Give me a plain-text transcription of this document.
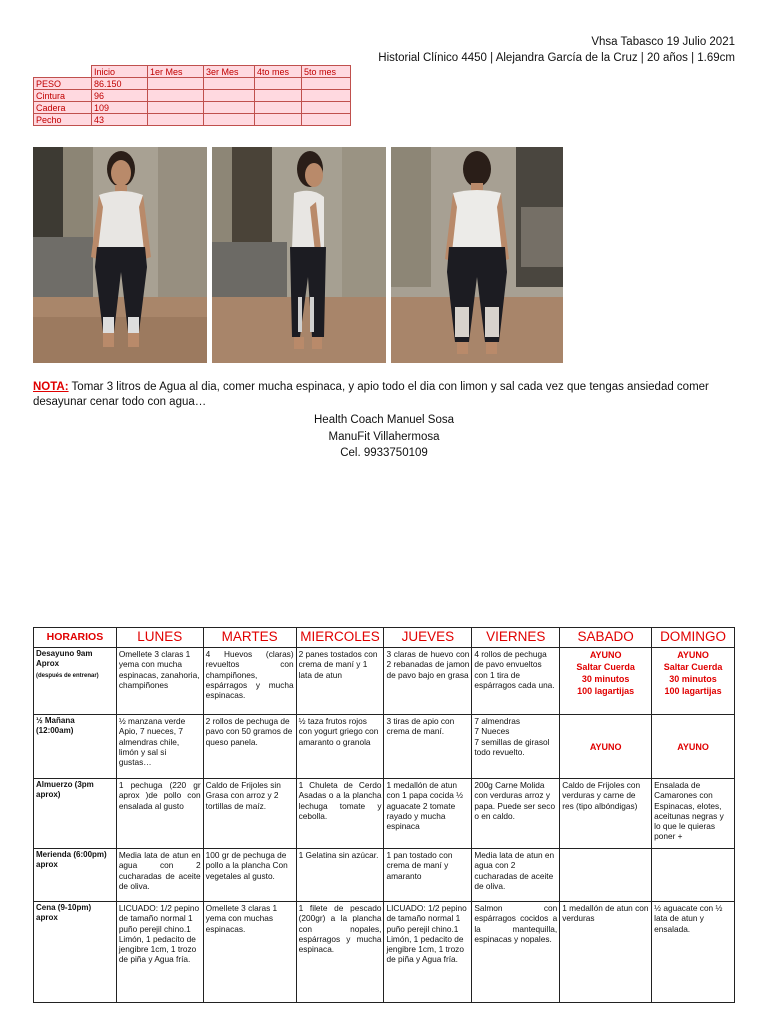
Vhsa Tabasco 19 Julio 2021
Historial Clínico 4450 | Alejandra García de la Cruz | 20 años | 1.69cm
	Inicio	1er Mes	3er Mes	4to mes	5to mes
PESO	86.150				
Cintura	96				
Cadera	109				
Pecho	43				
NOTA: Tomar 3 litros de Agua al dia, comer mucha espinaca, y apio todo el dia con limon y sal cada vez que tengas ansiedad comer desayunar cenar todo con agua…
Health Coach Manuel Sosa
ManuFit Villahermosa
Cel. 9933750109
HORARIOS	LUNES	MARTES	MIERCOLES	JUEVES	VIERNES	SABADO	DOMINGO
Desayuno 9am Aprox
(después de entrenar)	Omellete 3 claras 1 yema con mucha espinacas, zanahoria, champiñones	4 Huevos (claras) revueltos con champiñones, espárragos y mucha espinacas.	2 panes tostados con crema de maní y 1 lata de atun	3 claras de huevo con 2 rebanadas de jamon de pavo bajo en grasa	4 rollos de pechuga de pavo envueltos con 1 tira de espárragos cada una.	AYUNO
Saltar Cuerda
30 minutos
100 lagartijas	AYUNO
Saltar Cuerda
30 minutos
100 lagartijas
½ Mañana (12:00am)	½ manzana verde
Apio, 7 nueces, 7 almendras chile, limón y sal si gustas…	2 rollos de pechuga de pavo con 50 gramos de queso panela.	½ taza frutos rojos con yogurt griego con amaranto o granola	3 tiras de apio con crema de maní.	7 almendras
7 Nueces
7 semillas de girasol todo revuelto.	AYUNO	AYUNO
Almuerzo (3pm aprox)	1 pechuga (220 gr aprox )de pollo con ensalada al gusto	Caldo de Frijoles sin Grasa con arroz y 2 tortillas de maíz.	1 Chuleta de Cerdo Asadas o a la plancha lechuga tomate y cebolla.	1 medallón de atun con 1 papa cocida ½ aguacate 2 tomate rayado y mucha espinaca	200g Carne Molida con verduras arroz y papa. Puede ser seco o en caldo.	Caldo de Frijoles con verduras y carne de res (tipo albóndigas)	Ensalada de Camarones con Espinacas, elotes, aceitunas negras y lo que le quieras poner +
Merienda (6:00pm) aprox	Media lata de atun en agua con 2 cucharadas de aceite de oliva.	100 gr de pechuga de pollo a la plancha Con vegetales al gusto.	1 Gelatina sin azúcar.	1 pan tostado con crema de maní y amaranto	Media lata de atun en agua con 2 cucharadas de aceite de oliva.		
Cena (9-10pm) aprox	LICUADO: 1/2 pepino de tamaño normal 1 puño perejil chino.1 Limón, 1 pedacito de jengibre 1cm, 1 trozo de piña y Agua fría.	Omellete 3 claras 1 yema con muchas espinacas.	1 filete de pescado (200gr) a la plancha con nopales, espárragos y mucha espinaca.	LICUADO: 1/2 pepino de tamaño normal 1 puño perejil chino.1 Limón, 1 pedacito de jengibre 1cm, 1 trozo de piña y Agua fría.	Salmon con espárragos cocidos a la mantequilla, espinacas y nopales.	1 medallón de atun con verduras	½ aguacate con ½ lata de atun y ensalada.
